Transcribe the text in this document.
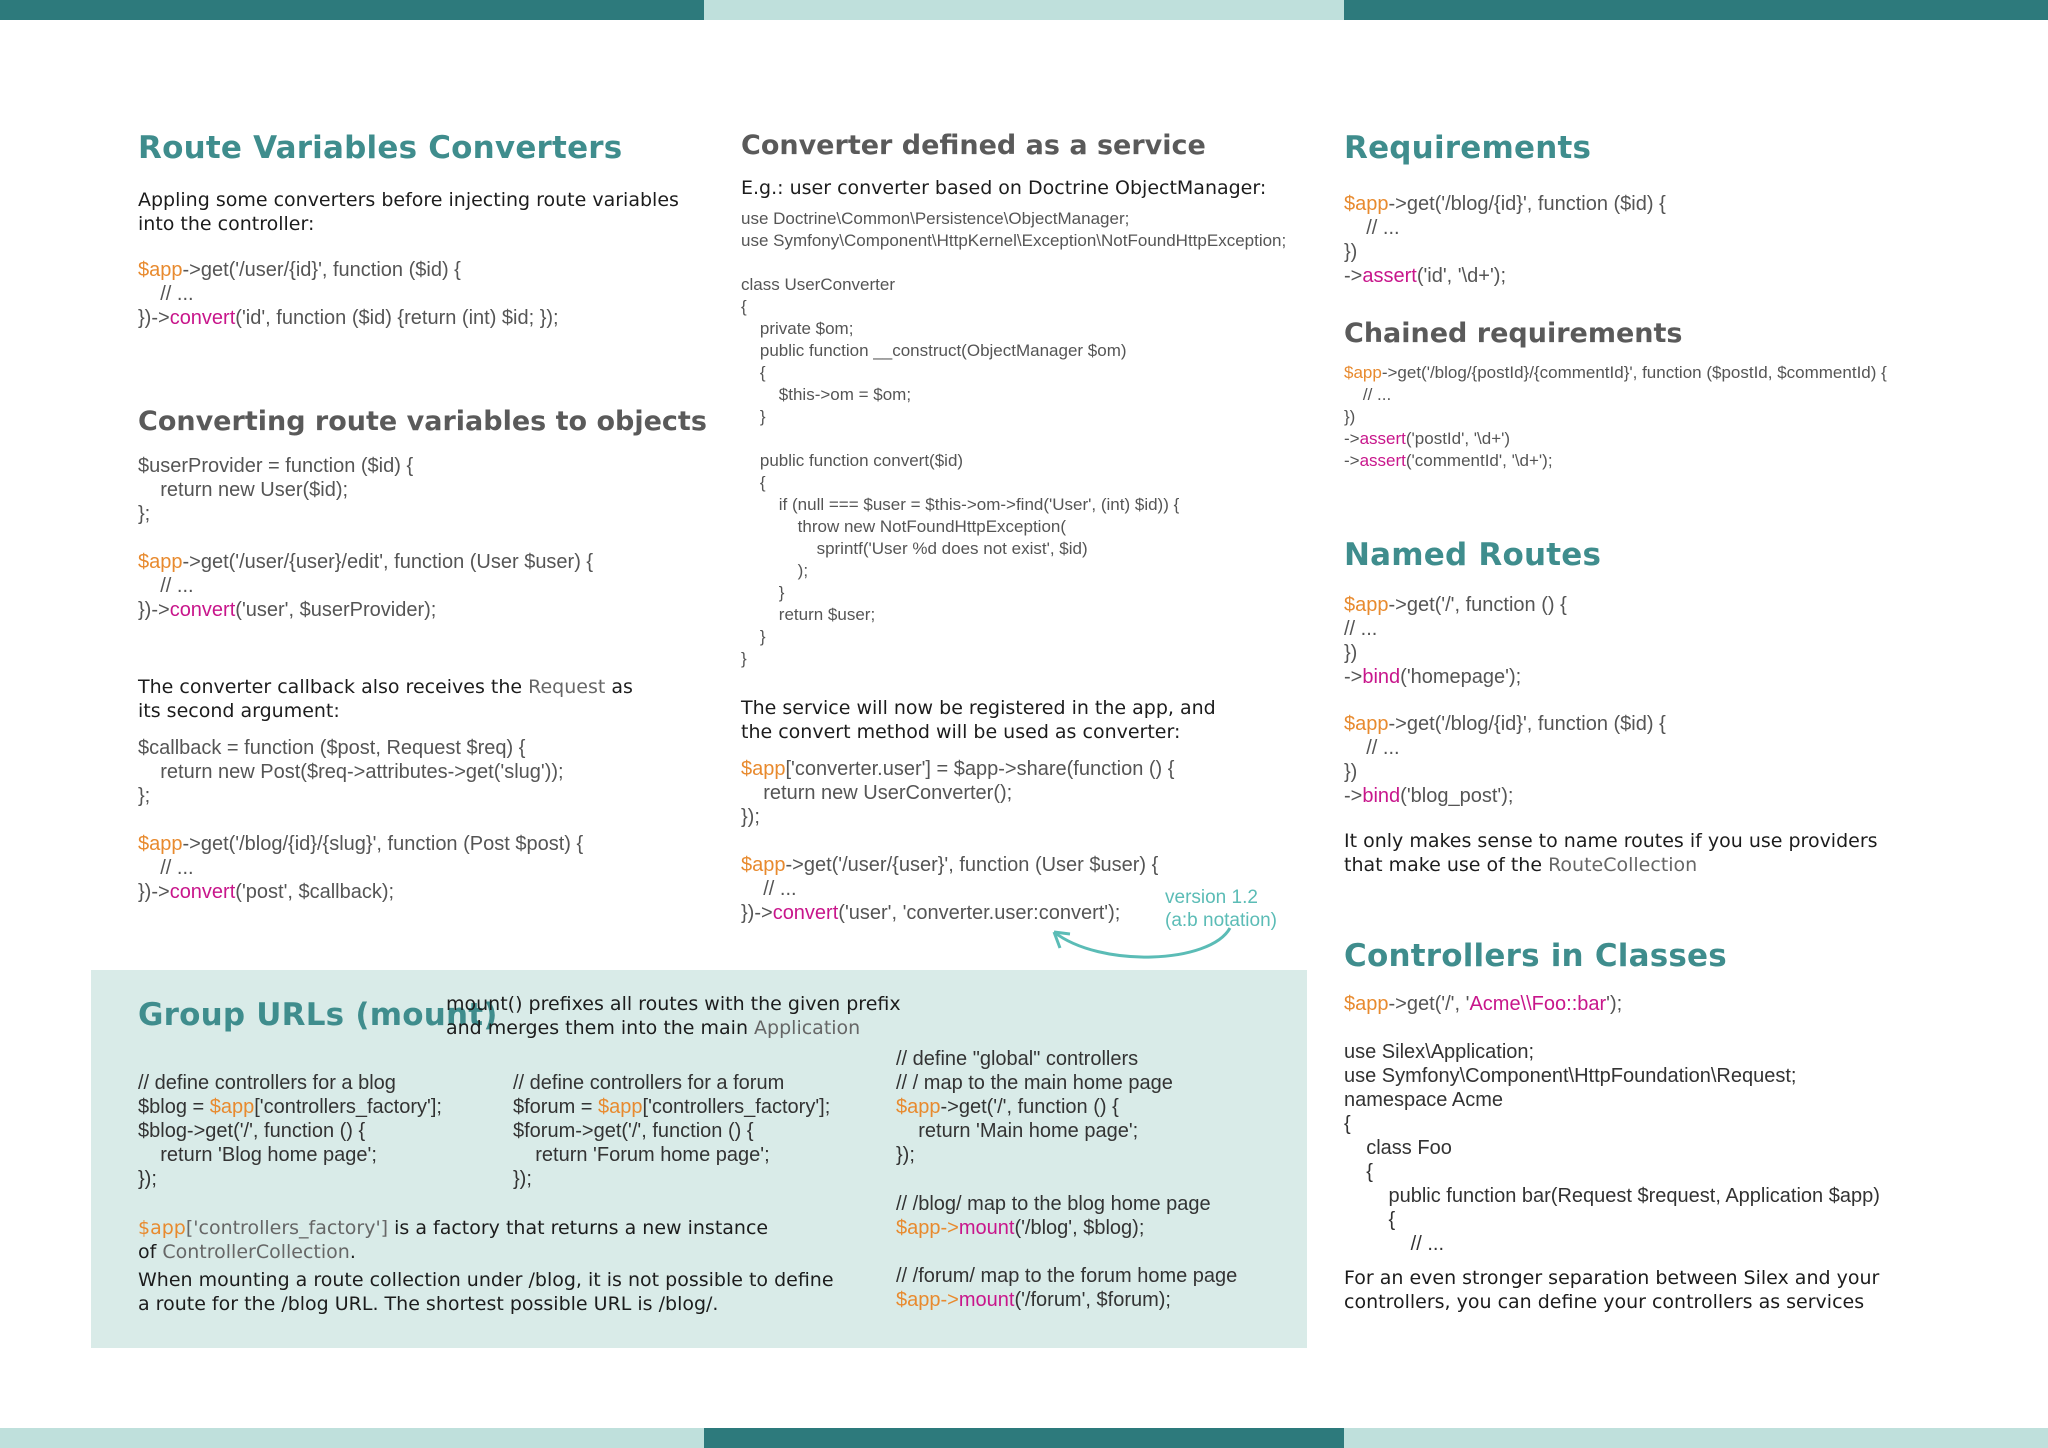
Route Variables Converters

Appling some converters before injecting route variables
into the controller:

$app->get('/user/{id}', function ($id) {
// ...
})->convert('id', function ($id) {return (int) $id; });
Converting route variables to objects
$userProvider = function ($id) {
return new User($id);
};
$app->get('/user/{user}/edit', function (User $user) {
// ...
})->convert('user', $userProvider);

The converter callback also receives the Request as
its second argument:

$callback = function ($post, Request $req) {
return new Post($req->attributes->get('slug'));
};
$app->get('/blog/{id}/{slug}', function (Post $post) {
// ...
})->convert('post', $callback);
Converter defined as a service

E.g.: user converter based on Doctrine ObjectManager:

use Doctrine\Common\Persistence\ObjectManager;
use Symfony\Component\HttpKernel\Exception\NotFoundHttpException;
class UserConverter
{
private $om;
public function __construct(ObjectManager $om)
{
$this->om = $om;
}

public function convert($id)
{
if (null === $user = $this->om->find('User', (int) $id)) {
throw new NotFoundHttpException(
sprintf('User %d does not exist', $id)
);
}
return $user;
}
}

The service will now be registered in the app, and
the convert method will be used as converter:

$app['converter.user'] = $app->share(function () {
return new UserConverter();
});
$app->get('/user/{user}', function (User $user) {
// ...
})->convert('user', 'converter.user:convert');
version 1.2
(a:b notation)
Group URLs (mount)

mount() prefixes all routes with the given prefix
and merges them into the main Application

// define controllers for a blog
$blog = $app['controllers_factory'];
$blog->get('/', function () {
return 'Blog home page';
});
// define controllers for a forum
$forum = $app['controllers_factory'];
$forum->get('/', function () {
return 'Forum home page';
});
// define "global" controllers
// / map to the main home page
$app->get('/', function () {
return 'Main home page';
});
// /blog/ map to the blog home page
$app->mount('/blog', $blog);
// /forum/ map to the forum home page
$app->mount('/forum', $forum);

$app['controllers_factory'] is a factory that returns a new instance
of ControllerCollection.

When mounting a route collection under /blog, it is not possible to define
a route for the /blog URL. The shortest possible URL is /blog/.

Requirements
$app->get('/blog/{id}', function ($id) {
// ...
})
->assert('id', '\d+');
Chained requirements
$app->get('/blog/{postId}/{commentId}', function ($postId, $commentId) {
// ...
})
->assert('postId', '\d+')
->assert('commentId', '\d+');
Named Routes
$app->get('/', function () {
// ...
})
->bind('homepage');
$app->get('/blog/{id}', function ($id) {
// ...
})
->bind('blog_post');

It only makes sense to name routes if you use providers
that make use of the RouteCollection

Controllers in Classes
$app->get('/', 'Acme\\Foo::bar');
use Silex\Application;
use Symfony\Component\HttpFoundation\Request;
namespace Acme
{
class Foo
{
public function bar(Request $request, Application $app)
{
// ...

For an even stronger separation between Silex and your
controllers, you can define your controllers as services
